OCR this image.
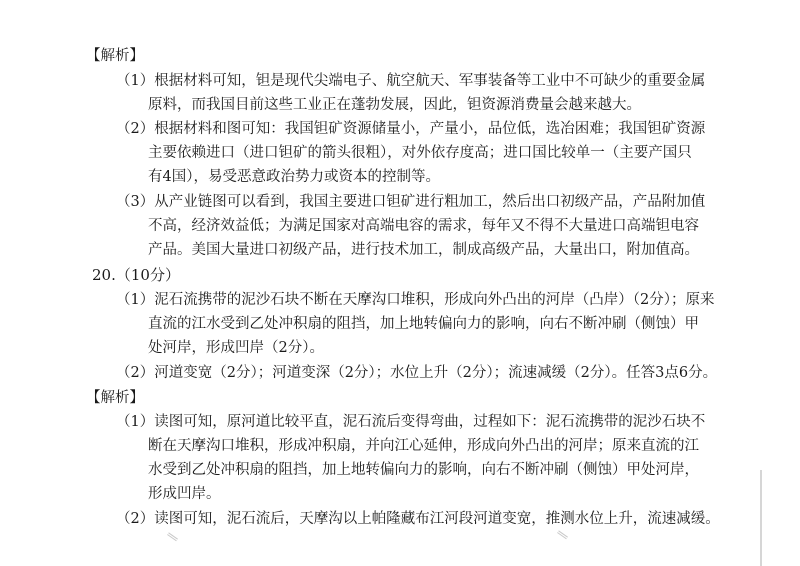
【解析】
（1）根据材料可知，钽是现代尖端电子、航空航天、军事装备等工业中不可缺少的重要金属
原料，而我国目前这些工业正在蓬勃发展，因此，钽资源消费量会越来越大。
（2）根据材料和图可知：我国钽矿资源储量小，产量小，品位低，选冶困难；我国钽矿资源
主要依赖进口（进口钽矿的箭头很粗），对外依存度高；进口国比较单一（主要产国只
有4国），易受恶意政治势力或资本的控制等。
（3）从产业链图可以看到，我国主要进口钽矿进行粗加工，然后出口初级产品，产品附加值
不高，经济效益低；为满足国家对高端电容的需求，每年又不得不大量进口高端钽电容
产品。美国大量进口初级产品，进行技术加工，制成高级产品，大量出口，附加值高。
20.（10分）
（1）泥石流携带的泥沙石块不断在天摩沟口堆积，形成向外凸出的河岸（凸岸）（2分）；原来
直流的江水受到乙处冲积扇的阻挡，加上地转偏向力的影响，向右不断冲刷（侧蚀）甲
处河岸，形成凹岸（2分）。
（2）河道变宽（2分）；河道变深（2分）；水位上升（2分）；流速减缓（2分）。任答3点6分。
【解析】
（1）读图可知，原河道比较平直，泥石流后变得弯曲，过程如下：泥石流携带的泥沙石块不
断在天摩沟口堆积，形成冲积扇，并向江心延伸，形成向外凸出的河岸；原来直流的江
水受到乙处冲积扇的阻挡，加上地转偏向力的影响，向右不断冲刷（侧蚀）甲处河岸，
形成凹岸。
（2）读图可知，泥石流后，天摩沟以上帕隆藏布江河段河道变宽，推测水位上升，流速减缓。
∥	∥
